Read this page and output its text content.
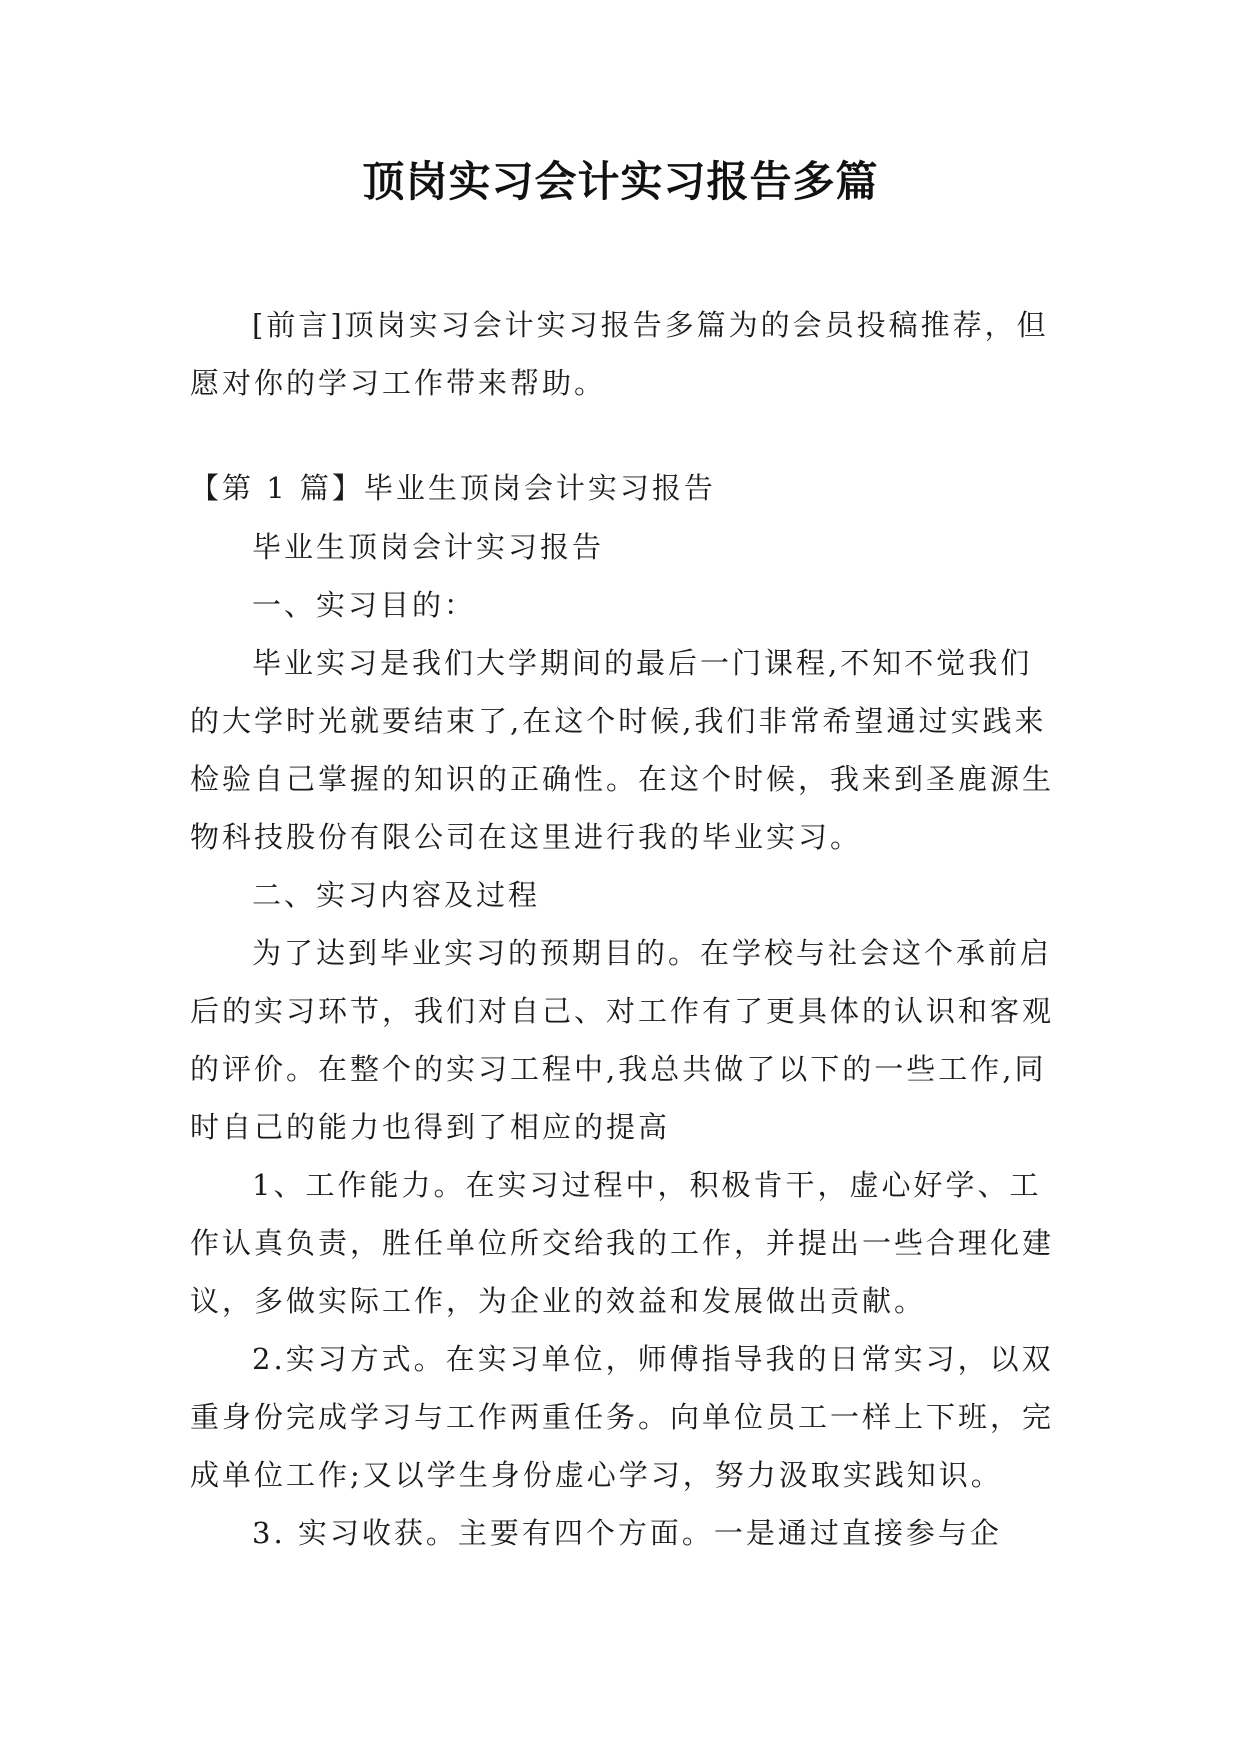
顶岗实习会计实习报告多篇

[前言]顶岗实习会计实习报告多篇为的会员投稿推荐，但愿对你的学习工作带来帮助。

【第 1 篇】毕业生顶岗会计实习报告

毕业生顶岗会计实习报告

一、实习目的：

毕业实习是我们大学期间的最后一门课程,不知不觉我们的大学时光就要结束了,在这个时候,我们非常希望通过实践来检验自己掌握的知识的正确性。在这个时候，我来到圣鹿源生物科技股份有限公司在这里进行我的毕业实习。

二、实习内容及过程

为了达到毕业实习的预期目的。在学校与社会这个承前启后的实习环节，我们对自己、对工作有了更具体的认识和客观的评价。在整个的实习工程中,我总共做了以下的一些工作,同时自己的能力也得到了相应的提高

1、工作能力。在实习过程中，积极肯干，虚心好学、工作认真负责，胜任单位所交给我的工作，并提出一些合理化建议，多做实际工作，为企业的效益和发展做出贡献。

2.实习方式。在实习单位，师傅指导我的日常实习，以双重身份完成学习与工作两重任务。向单位员工一样上下班，完成单位工作;又以学生身份虚心学习，努力汲取实践知识。

3. 实习收获。主要有四个方面。一是通过直接参与企
